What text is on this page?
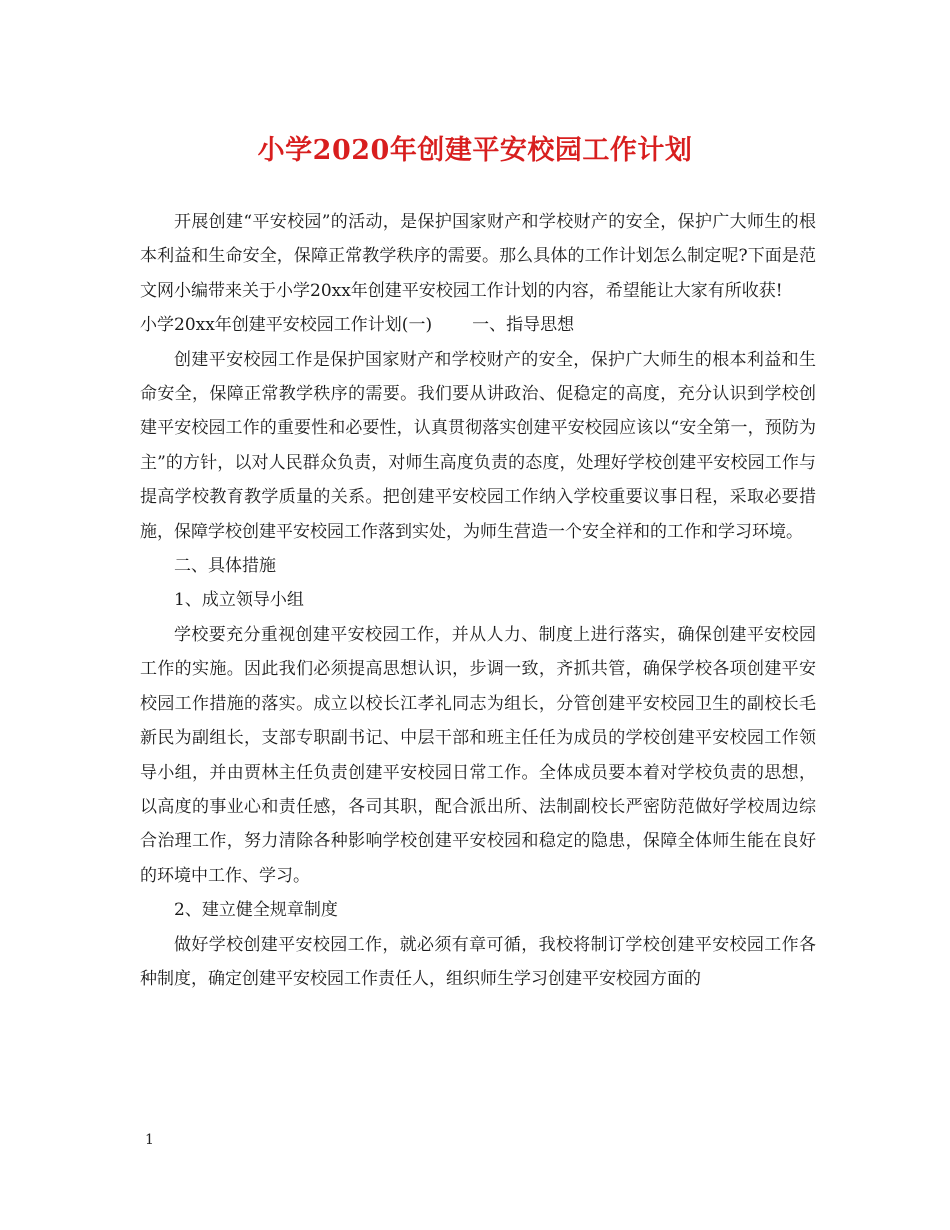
小学2020年创建平安校园工作计划

开展创建“平安校园”的活动，是保护国家财产和学校财产的安全，保护广大师生的根本利益和生命安全，保障正常教学秩序的需要。那么具体的工作计划怎么制定呢?下面是范文网小编带来关于小学20xx年创建平安校园工作计划的内容，希望能让大家有所收获!

小学20xx年创建平安校园工作计划(一) 一、指导思想

创建平安校园工作是保护国家财产和学校财产的安全，保护广大师生的根本利益和生命安全，保障正常教学秩序的需要。我们要从讲政治、促稳定的高度，充分认识到学校创建平安校园工作的重要性和必要性，认真贯彻落实创建平安校园应该以“安全第一，预防为主”的方针，以对人民群众负责，对师生高度负责的态度，处理好学校创建平安校园工作与提高学校教育教学质量的关系。把创建平安校园工作纳入学校重要议事日程，采取必要措施，保障学校创建平安校园工作落到实处，为师生营造一个安全祥和的工作和学习环境。

二、具体措施

1、成立领导小组

学校要充分重视创建平安校园工作，并从人力、制度上进行落实，确保创建平安校园工作的实施。因此我们必须提高思想认识，步调一致，齐抓共管，确保学校各项创建平安校园工作措施的落实。成立以校长江孝礼同志为组长，分管创建平安校园卫生的副校长毛新民为副组长，支部专职副书记、中层干部和班主任任为成员的学校创建平安校园工作领导小组，并由贾林主任负责创建平安校园日常工作。全体成员要本着对学校负责的思想，以高度的事业心和责任感，各司其职，配合派出所、法制副校长严密防范做好学校周边综合治理工作，努力清除各种影响学校创建平安校园和稳定的隐患，保障全体师生能在良好的环境中工作、学习。

2、建立健全规章制度

做好学校创建平安校园工作，就必须有章可循，我校将制订学校创建平安校园工作各种制度，确定创建平安校园工作责任人，组织师生学习创建平安校园方面的

1
